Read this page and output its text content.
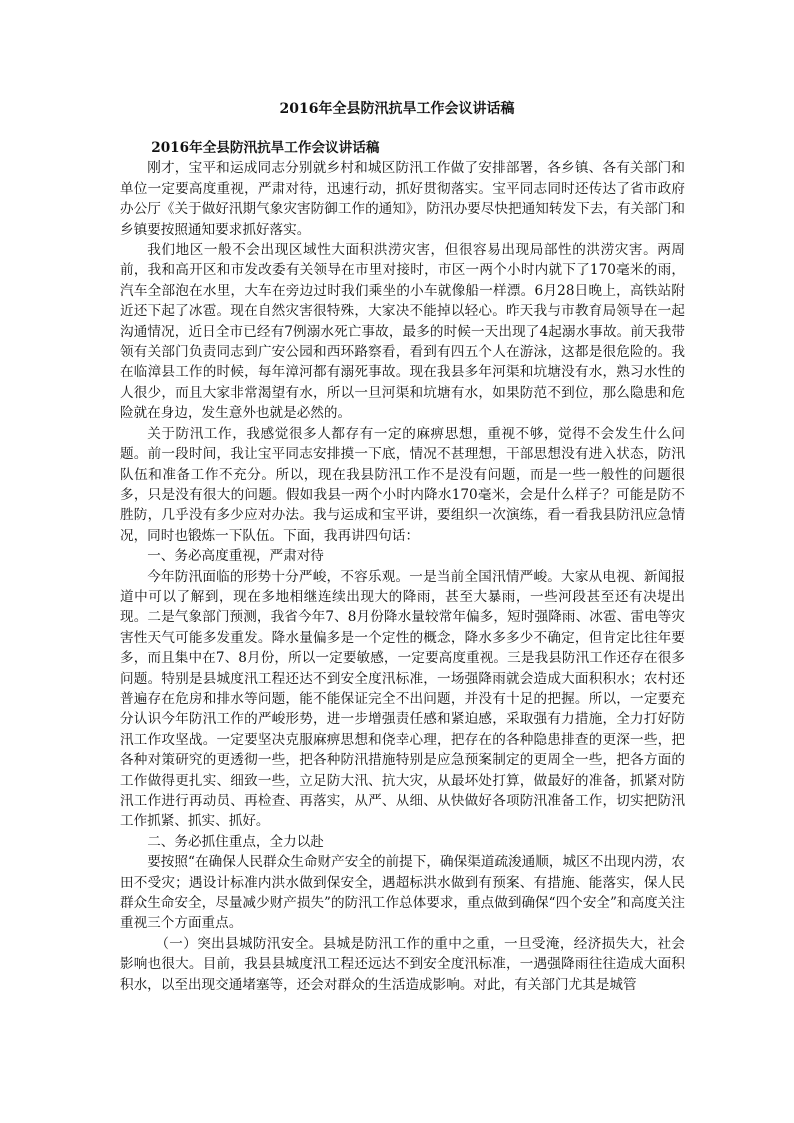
2016年全县防汛抗旱工作会议讲话稿

2016年全县防汛抗旱工作会议讲话稿

刚才，宝平和运成同志分别就乡村和城区防汛工作做了安排部署，各乡镇、各有关部门和单位一定要高度重视，严肃对待，迅速行动，抓好贯彻落实。宝平同志同时还传达了省市政府办公厅《关于做好汛期气象灾害防御工作的通知》，防汛办要尽快把通知转发下去，有关部门和乡镇要按照通知要求抓好落实。

我们地区一般不会出现区域性大面积洪涝灾害，但很容易出现局部性的洪涝灾害。两周前，我和高开区和市发改委有关领导在市里对接时，市区一两个小时内就下了170毫米的雨，汽车全部泡在水里，大车在旁边过时我们乘坐的小车就像船一样漂。6月28日晚上，高铁站附近还下起了冰雹。现在自然灾害很特殊，大家决不能掉以轻心。昨天我与市教育局领导在一起沟通情况，近日全市已经有7例溺水死亡事故，最多的时候一天出现了4起溺水事故。前天我带领有关部门负责同志到广安公园和西环路察看，看到有四五个人在游泳，这都是很危险的。我在临漳县工作的时候，每年漳河都有溺死事故。现在我县多年河渠和坑塘没有水，熟习水性的人很少，而且大家非常渴望有水，所以一旦河渠和坑塘有水，如果防范不到位，那么隐患和危险就在身边，发生意外也就是必然的。

关于防汛工作，我感觉很多人都存有一定的麻痹思想，重视不够，觉得不会发生什么问题。前一段时间，我让宝平同志安排摸一下底，情况不甚理想，干部思想没有进入状态，防汛队伍和准备工作不充分。所以，现在我县防汛工作不是没有问题，而是一些一般性的问题很多，只是没有很大的问题。假如我县一两个小时内降水170毫米，会是什么样子？可能是防不胜防，几乎没有多少应对办法。我与运成和宝平讲，要组织一次演练，看一看我县防汛应急情况，同时也锻炼一下队伍。下面，我再讲四句话：

一、务必高度重视，严肃对待

今年防汛面临的形势十分严峻，不容乐观。一是当前全国汛情严峻。大家从电视、新闻报道中可以了解到，现在多地相继连续出现大的降雨，甚至大暴雨，一些河段甚至还有决堤出现。二是气象部门预测，我省今年7、8月份降水量较常年偏多，短时强降雨、冰雹、雷电等灾害性天气可能多发重发。降水量偏多是一个定性的概念，降水多多少不确定，但肯定比往年要多，而且集中在7、8月份，所以一定要敏感，一定要高度重视。三是我县防汛工作还存在很多问题。特别是县城度汛工程还达不到安全度汛标准，一场强降雨就会造成大面积积水；农村还普遍存在危房和排水等问题，能不能保证完全不出问题，并没有十足的把握。所以，一定要充分认识今年防汛工作的严峻形势，进一步增强责任感和紧迫感，采取强有力措施，全力打好防汛工作攻坚战。一定要坚决克服麻痹思想和侥幸心理，把存在的各种隐患排查的更深一些，把各种对策研究的更透彻一些，把各种防汛措施特别是应急预案制定的更周全一些，把各方面的工作做得更扎实、细致一些，立足防大汛、抗大灾，从最坏处打算，做最好的准备，抓紧对防汛工作进行再动员、再检查、再落实，从严、从细、从快做好各项防汛准备工作，切实把防汛工作抓紧、抓实、抓好。

二、务必抓住重点，全力以赴

要按照“在确保人民群众生命财产安全的前提下，确保渠道疏浚通顺，城区不出现内涝，农田不受灾；遇设计标准内洪水做到保安全，遇超标洪水做到有预案、有措施、能落实，保人民群众生命安全，尽量减少财产损失”的防汛工作总体要求，重点做到确保“四个安全”和高度关注重视三个方面重点。

（一）突出县城防汛安全。县城是防汛工作的重中之重，一旦受淹，经济损失大，社会影响也很大。目前，我县县城度汛工程还远达不到安全度汛标准，一遇强降雨往往造成大面积积水，以至出现交通堵塞等，还会对群众的生活造成影响。对此，有关部门尤其是城管
